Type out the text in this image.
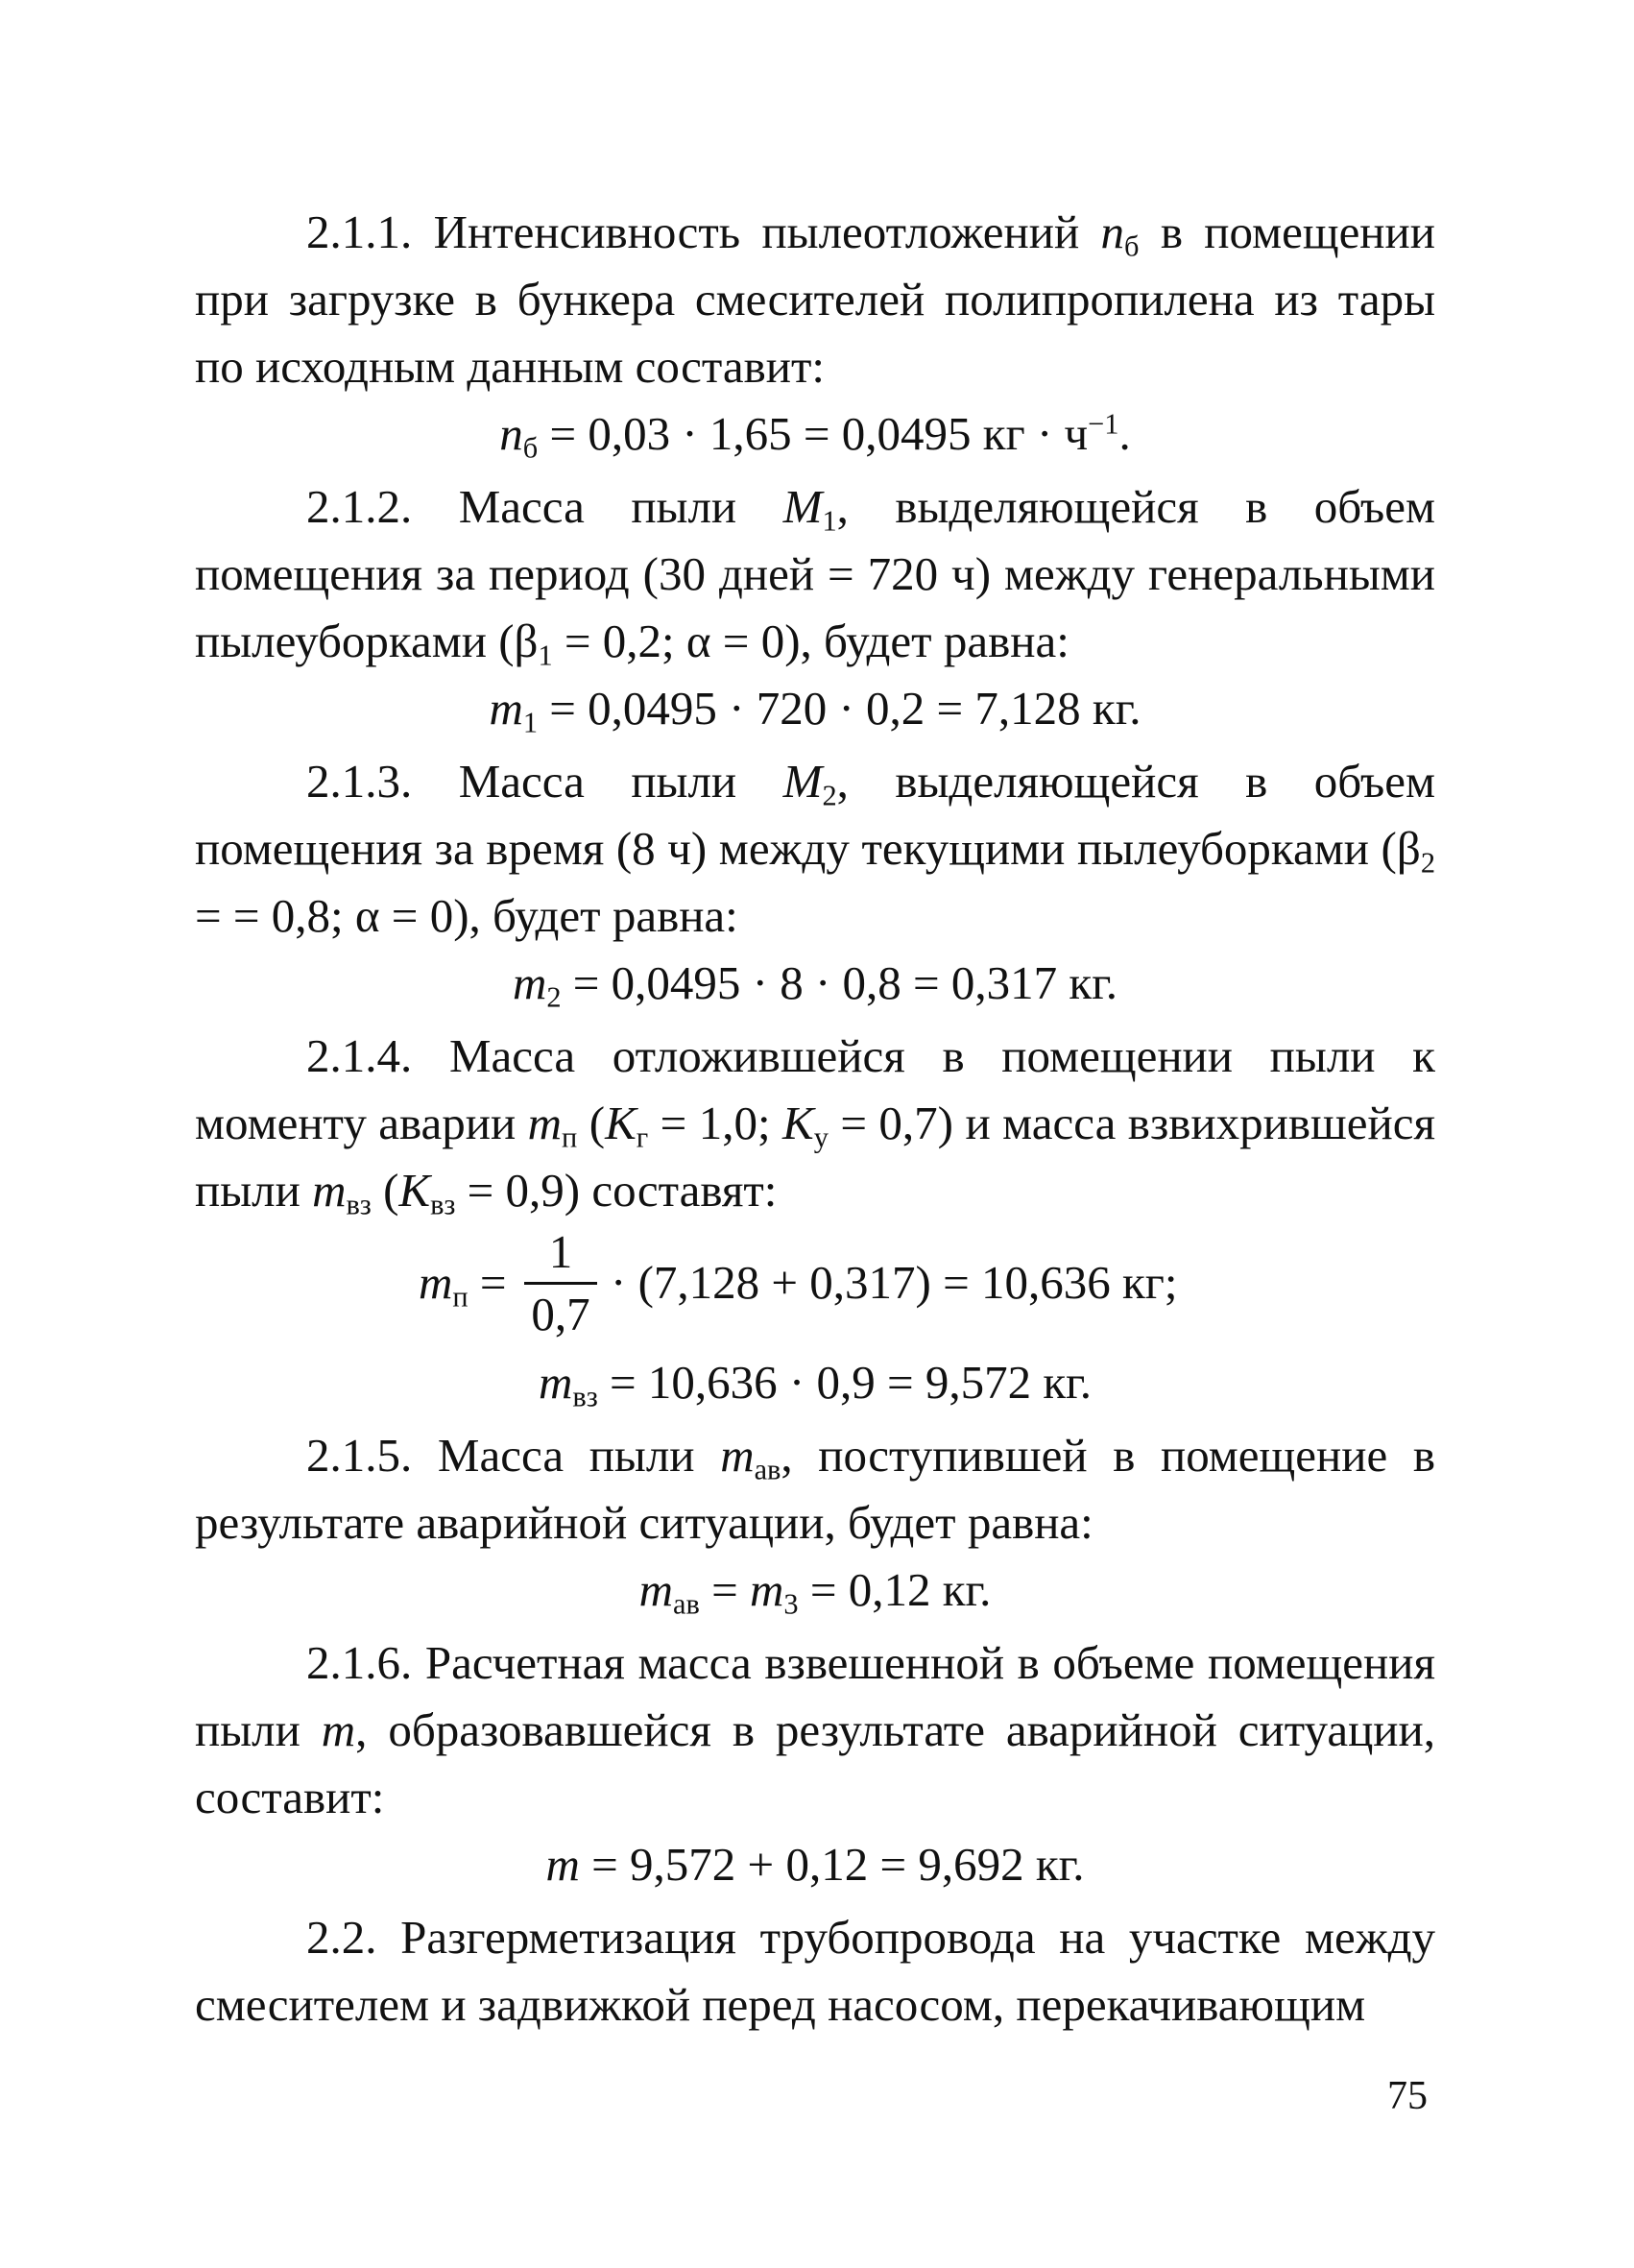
2.1.1. Интенсивность пылеотложений $n_б$ в помещении при загрузке в бункера смесителей полипропилена из тары по исходным данным составит:

$n_б = 0,03 \cdot 1,65 = 0,0495$ кг · $ч^{-1}$.

2.1.2. Масса пыли $M_1$, выделяющейся в объем помещения за период (30 дней = 720 ч) между генеральными пылеуборками ($\beta_1 = 0,2$; α = 0), будет равна:

$m_1 = 0,0495 \cdot 720 \cdot 0,2 = 7,128$ кг.

2.1.3. Масса пыли $M_2$, выделяющейся в объем помещения за время (8 ч) между текущими пылеуборками ($\beta_2$ = = 0,8; α = 0), будет равна:

$m_2 = 0,0495 \cdot 8 \cdot 0,8 = 0,317$ кг.

2.1.4. Масса отложившейся в помещении пыли к моменту аварии $m_п$ ($K_г = 1,0$; $K_у = 0,7$) и масса взвихрившейся пыли $m_{вз}$ $(K_{вз} = 0,9)$ составят:

$m_п$ =
1
0,7
· (7,128 + 0,317) = 10,636 кг;

$m_{вз} = 10,636 \cdot 0,9 = 9,572$ кг.

2.1.5. Масса пыли $m_{ав}$, поступившей в помещение в результате аварийной ситуации, будет равна:

$m_{ав} = m_3 = 0,12$ кг.

2.1.6. Расчетная масса взвешенной в объеме помещения пыли m, образовавшейся в результате аварийной ситуации, составит:

m = 9,572 + 0,12 = 9,692 кг.

2.2. Разгерметизация трубопровода на участке между смесителем и задвижкой перед насосом, перекачивающим

75
